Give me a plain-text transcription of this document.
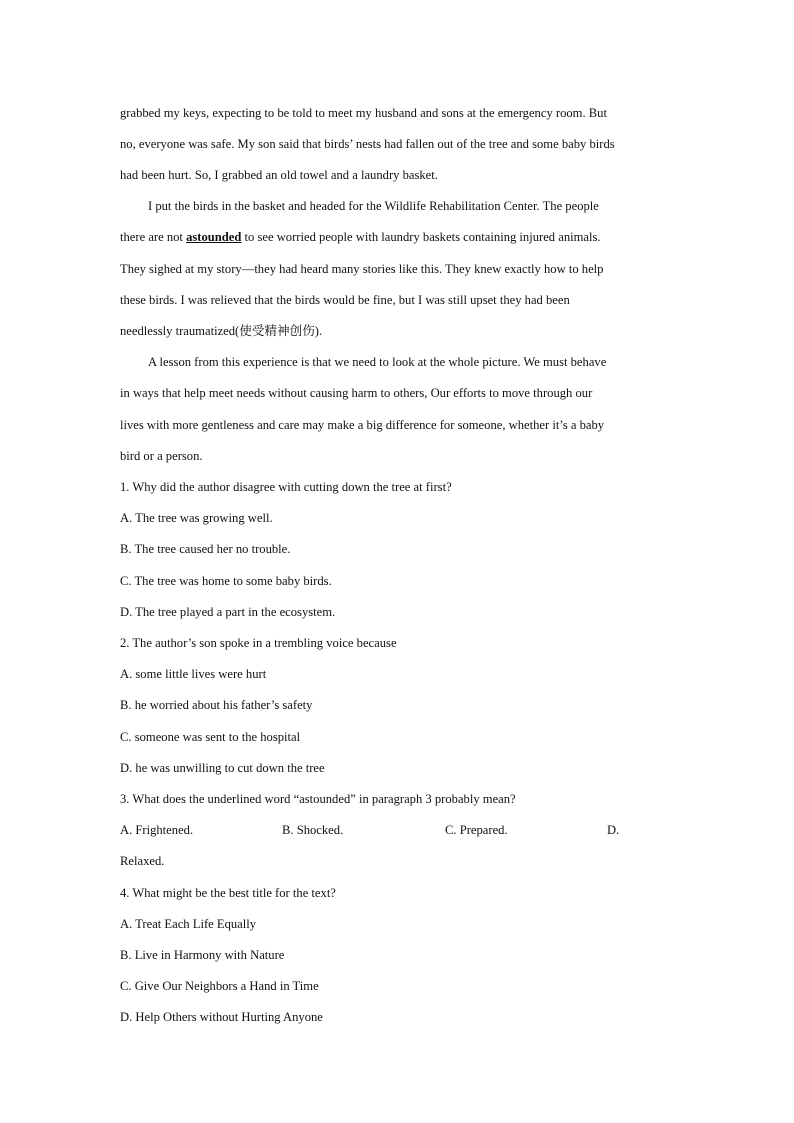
grabbed my keys, expecting to be told to meet my husband and sons at the emergency room. But
no, everyone was safe. My son said that birds’ nests had fallen out of the tree and some baby birds
had been hurt. So, I grabbed an old towel and a laundry basket.
I put the birds in the basket and headed for the Wildlife Rehabilitation Center. The people
there are not astounded to see worried people with laundry baskets containing injured animals.
They sighed at my story—they had heard many stories like this. They knew exactly how to help
these birds. I was relieved that the birds would be fine, but I was still upset they had been
needlessly traumatized(使受精神创伤).
A lesson from this experience is that we need to look at the whole picture. We must behave
in ways that help meet needs without causing harm to others, Our efforts to move through our
lives with more gentleness and care may make a big difference for someone, whether it’s a baby
bird or a person.
1. Why did the author disagree with cutting down the tree at first?
A. The tree was growing well.
B. The tree caused her no trouble.
C. The tree was home to some baby birds.
D. The tree played a part in the ecosystem.
2. The author’s son spoke in a trembling voice because
A. some little lives were hurt
B. he worried about his father’s safety
C. someone was sent to the hospital
D. he was unwilling to cut down the tree
3. What does the underlined word “astounded” in paragraph 3 probably mean?
A. Frightened.	B. Shocked.	C. Prepared.	D.
Relaxed.
4. What might be the best title for the text?
A. Treat Each Life Equally
B. Live in Harmony with Nature
C. Give Our Neighbors a Hand in Time
D. Help Others without Hurting Anyone
